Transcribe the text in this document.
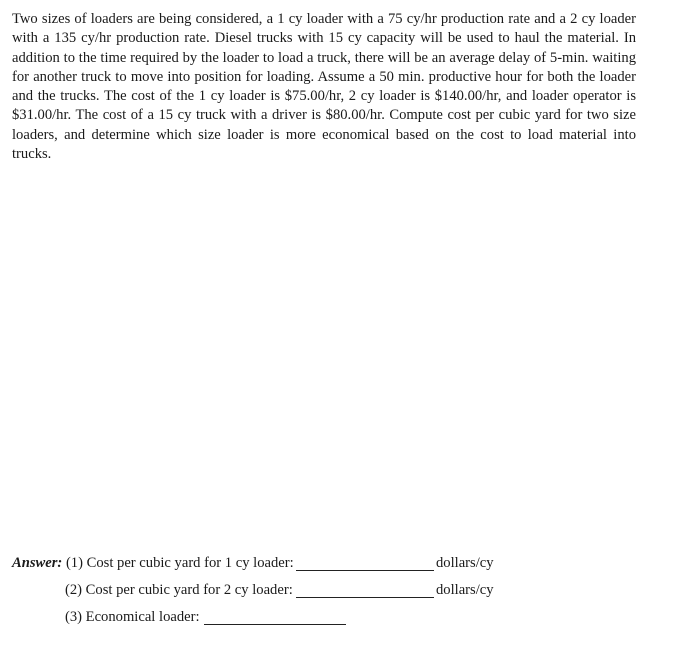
Two sizes of loaders are being considered, a 1 cy loader with a 75 cy/hr production rate and a 2 cy loader with a 135 cy/hr production rate. Diesel trucks with 15 cy capacity will be used to haul the material. In addition to the time required by the loader to load a truck, there will be an average delay of 5-min. waiting for another truck to move into position for loading. Assume a 50 min. productive hour for both the loader and the trucks. The cost of the 1 cy loader is $75.00/hr, 2 cy loader is $140.00/hr, and loader operator is $31.00/hr. The cost of a 15 cy truck with a driver is $80.00/hr. Compute cost per cubic yard for two size loaders, and determine which size loader is more economical based on the cost to load material into trucks.

Answer: (1) Cost per cubic yard for 1 cy loader:	dollars/cy
(2) Cost per cubic yard for 2 cy loader:	dollars/cy
(3) Economical loader:
